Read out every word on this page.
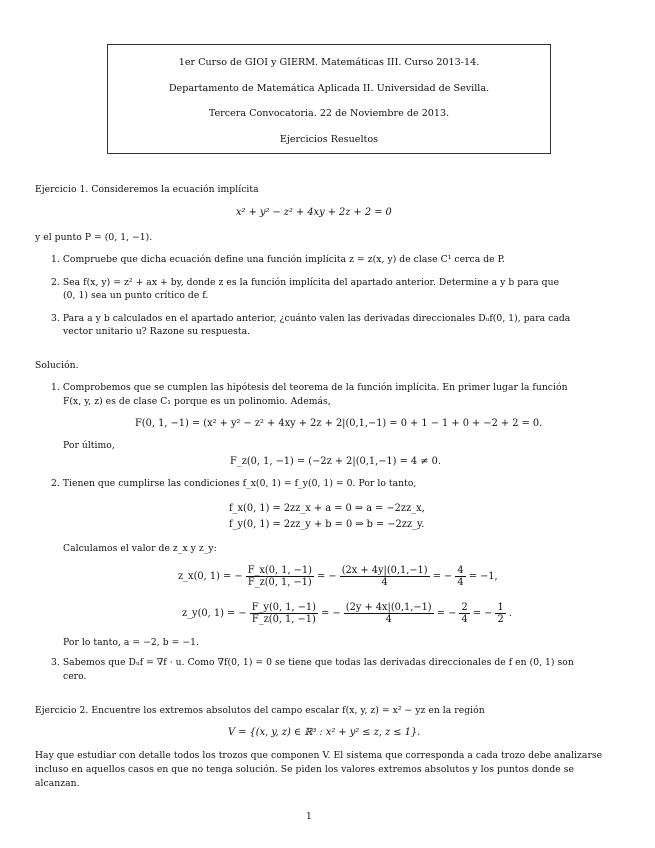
1er Curso de GIOI y GIERM. Matemáticas III. Curso 2013-14.
Departamento de Matemática Aplicada II. Universidad de Sevilla.
Tercera Convocatoria. 22 de Noviembre de 2013.
Ejercicios Resueltos
Ejercicio 1. Consideremos la ecuación implícita
x² + y² − z² + 4xy + 2z + 2 = 0
y el punto P = (0, 1, −1).
1. Compruebe que dicha ecuación define una función implícita z = z(x, y) de clase C¹ cerca de P.
2. Sea f(x, y) = z² + ax + by, donde z es la función implícita del apartado anterior. Determine a y b para que
(0, 1) sea un punto crítico de f.
3. Para a y b calculados en el apartado anterior, ¿cuánto valen las derivadas direccionales Dᵤf(0, 1), para cada
vector unitario u? Razone su respuesta.
Solución.
1. Comprobemos que se cumplen las hipótesis del teorema de la función implícita. En primer lugar la función
F(x, y, z) es de clase C₁ porque es un polinomio. Además,
F(0, 1, −1) = (x² + y² − z² + 4xy + 2z + 2|(0,1,−1) = 0 + 1 − 1 + 0 + −2 + 2 = 0.
Por último,
F_z(0, 1, −1) = (−2z + 2|(0,1,−1) = 4 ≠ 0.
2. Tienen que cumplirse las condiciones f_x(0, 1) = f_y(0, 1) = 0. Por lo tanto,
f_x(0, 1) = 2zz_x + a = 0 ⇒ a = −2zz_x,
f_y(0, 1) = 2zz_y + b = 0 ⇒ b = −2zz_y.
Calculamos el valor de z_x y z_y:
z_x(0, 1) = − $\frac{F\_x(0, 1, -1)}{F\_z(0, 1, -1)}$ = − $\frac{(2x + 4y|(0,1,-1)}{4}$ = − $\frac{4}{4} = -1$,
z_y(0, 1) = − $\frac{F\_y(0, 1, -1)}{F\_z(0, 1, -1)}$ = − $\frac{(2y + 4x|(0,1,-1)}{4}$ = − $\frac{2}{4}$ = − $\frac{1}{2}$ .
Por lo tanto, a = −2, b = −1.
3. Sabemos que Dᵤf = ∇f · u. Como ∇f(0, 1) = 0 se tiene que todas las derivadas direccionales de f en (0, 1) son
cero.
Ejercicio 2. Encuentre los extremos absolutos del campo escalar f(x, y, z) = x² − yz en la región
V = {(x, y, z) ∈ ℝ³ : x² + y² ≤ z, z ≤ 1}.
Hay que estudiar con detalle todos los trozos que componen V. El sistema que corresponda a cada trozo debe analizarse
incluso en aquellos casos en que no tenga solución. Se piden los valores extremos absolutos y los puntos donde se
alcanzan.
1
